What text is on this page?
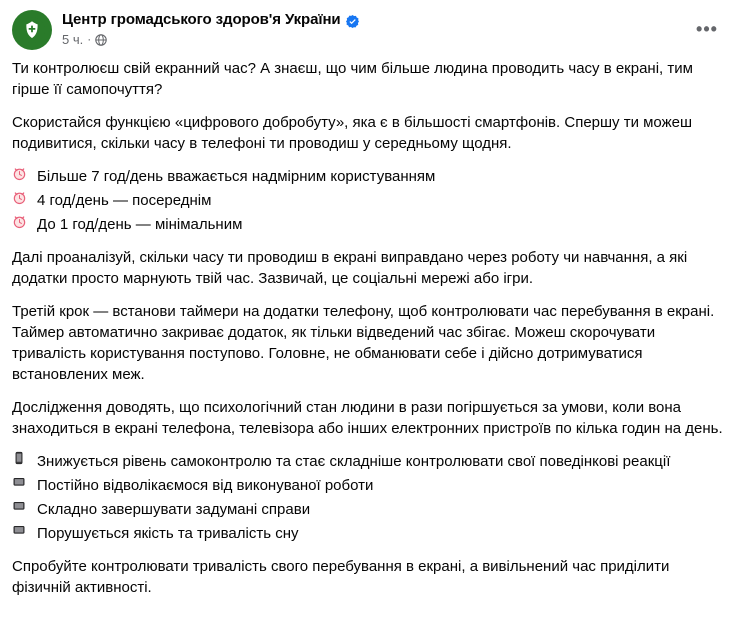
Центр громадського здоров'я України
5 ч. ·	•••

Ти контролюєш свій екранний час? А знаєш, що чим більше людина проводить часу в екрані, тим гірше її самопочуття?

Скористайся функцією «цифрового добробуту», яка є в більшості смартфонів. Спершу ти можеш подивитися, скільки часу в телефоні ти проводиш у середньому щодня.

Більше 7 год/день вважається надмірним користуванням
4 год/день — посереднім
До 1 год/день — мінімальним

Далі проаналізуй, скільки часу ти проводиш в екрані виправдано через роботу чи навчання, а які додатки просто марнують твій час. Зазвичай, це соціальні мережі або ігри.

Третій крок — встанови таймери на додатки телефону, щоб контролювати час перебування в екрані. Таймер автоматично закриває додаток, як тільки відведений час збігає. Можеш скорочувати тривалість користування поступово. Головне, не обманювати себе і дійсно дотримуватися встановлених меж.

Дослідження доводять, що психологічний стан людини в рази погіршується за умови, коли вона знаходиться в екрані телефона, телевізора або інших електронних пристроїв по кілька годин на день.

Знижується рівень самоконтролю та стає складніше контролювати свої поведінкові реакції
Постійно відволікаємося від виконуваної роботи
Складно завершувати задумані справи
Порушується якість та тривалість сну

Спробуйте контролювати тривалість свого перебування в екрані, а вивільнений час приділити фізичній активності.
